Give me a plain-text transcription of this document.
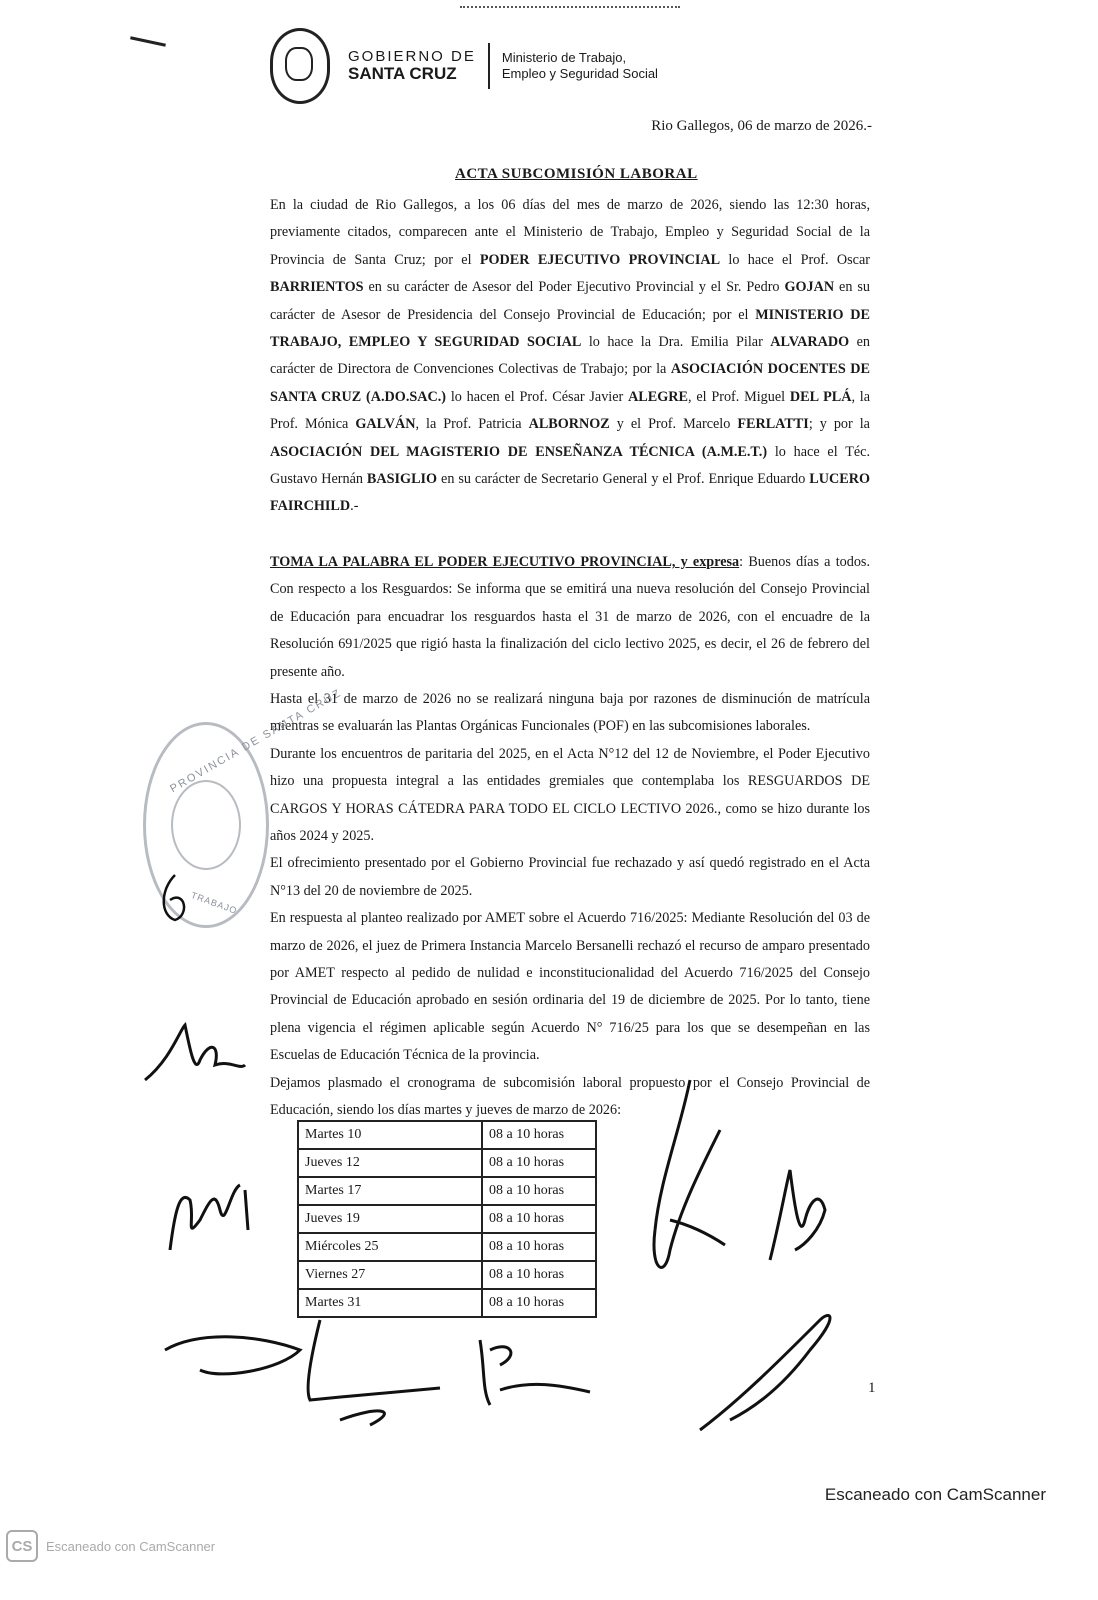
GOBIERNO DE
SANTA CRUZ
Ministerio de Trabajo,
Empleo y Seguridad Social
Rio Gallegos, 06 de marzo de 2026.-
ACTA SUBCOMISIÓN LABORAL

En la ciudad de Rio Gallegos, a los 06 días del mes de marzo de 2026, siendo las 12:30 horas, previamente citados, comparecen ante el Ministerio de Trabajo, Empleo y Seguridad Social de la Provincia de Santa Cruz; por el PODER EJECUTIVO PROVINCIAL lo hace el Prof. Oscar BARRIENTOS en su carácter de Asesor del Poder Ejecutivo Provincial y el Sr. Pedro GOJAN en su carácter de Asesor de Presidencia del Consejo Provincial de Educación; por el MINISTERIO DE TRABAJO, EMPLEO Y SEGURIDAD SOCIAL lo hace la Dra. Emilia Pilar ALVARADO en carácter de Directora de Convenciones Colectivas de Trabajo; por la ASOCIACIÓN DOCENTES DE SANTA CRUZ (A.DO.SAC.) lo hacen el Prof. César Javier ALEGRE, el Prof. Miguel DEL PLÁ, la Prof. Mónica GALVÁN, la Prof. Patricia ALBORNOZ y el Prof. Marcelo FERLATTI; y por la ASOCIACIÓN DEL MAGISTERIO DE ENSEÑANZA TÉCNICA (A.M.E.T.) lo hace el Téc. Gustavo Hernán BASIGLIO en su carácter de Secretario General y el Prof. Enrique Eduardo LUCERO FAIRCHILD.-

TOMA LA PALABRA EL PODER EJECUTIVO PROVINCIAL, y expresa: Buenos días a todos. Con respecto a los Resguardos: Se informa que se emitirá una nueva resolución del Consejo Provincial de Educación para encuadrar los resguardos hasta el 31 de marzo de 2026, con el encuadre de la Resolución 691/2025 que rigió hasta la finalización del ciclo lectivo 2025, es decir, el 26 de febrero del presente año.

Hasta el 31 de marzo de 2026 no se realizará ninguna baja por razones de disminución de matrícula mientras se evaluarán las Plantas Orgánicas Funcionales (POF) en las subcomisiones laborales.

Durante los encuentros de paritaria del 2025, en el Acta N°12 del 12 de Noviembre, el Poder Ejecutivo hizo una propuesta integral a las entidades gremiales que contemplaba los RESGUARDOS DE CARGOS Y HORAS CÁTEDRA PARA TODO EL CICLO LECTIVO 2026., como se hizo durante los años 2024 y 2025.

El ofrecimiento presentado por el Gobierno Provincial fue rechazado y así quedó registrado en el Acta N°13 del 20 de noviembre de 2025.

En respuesta al planteo realizado por AMET sobre el Acuerdo 716/2025: Mediante Resolución del 03 de marzo de 2026, el juez de Primera Instancia Marcelo Bersanelli rechazó el recurso de amparo presentado por AMET respecto al pedido de nulidad e inconstitucionalidad del Acuerdo 716/2025 del Consejo Provincial de Educación aprobado en sesión ordinaria del 19 de diciembre de 2025. Por lo tanto, tiene plena vigencia el régimen aplicable según Acuerdo N° 716/25 para los que se desempeñan en las Escuelas de Educación Técnica de la provincia.

Dejamos plasmado el cronograma de subcomisión laboral propuesto por el Consejo Provincial de Educación, siendo los días martes y jueves de marzo de 2026:

Martes 10	08 a 10 horas
Jueves 12	08 a 10 horas
Martes 17	08 a 10 horas
Jueves 19	08 a 10 horas
Miércoles 25	08 a 10 horas
Viernes 27	08 a 10 horas
Martes 31	08 a 10 horas
PROVINCIA DE SANTA CRUZ
TRABAJO
1
Escaneado con CamScanner
CS	Escaneado con CamScanner
